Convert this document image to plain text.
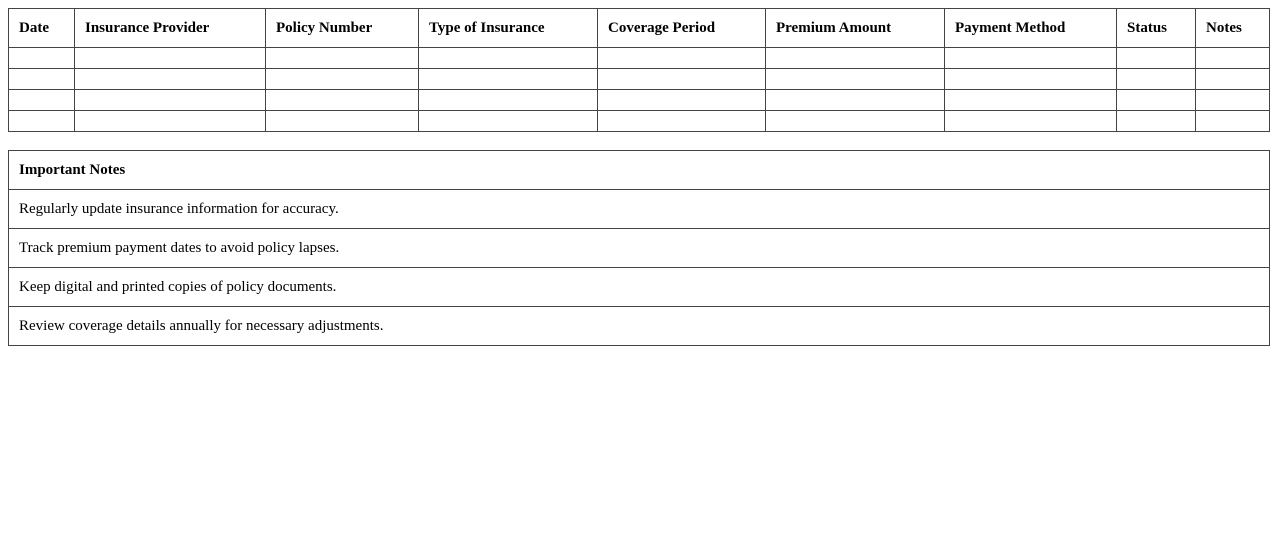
Date	Insurance Provider	Policy Number	Type of Insurance	Coverage Period	Premium Amount	Payment Method	Status	Notes

Important Notes
Regularly update insurance information for accuracy.
Track premium payment dates to avoid policy lapses.
Keep digital and printed copies of policy documents.
Review coverage details annually for necessary adjustments.
